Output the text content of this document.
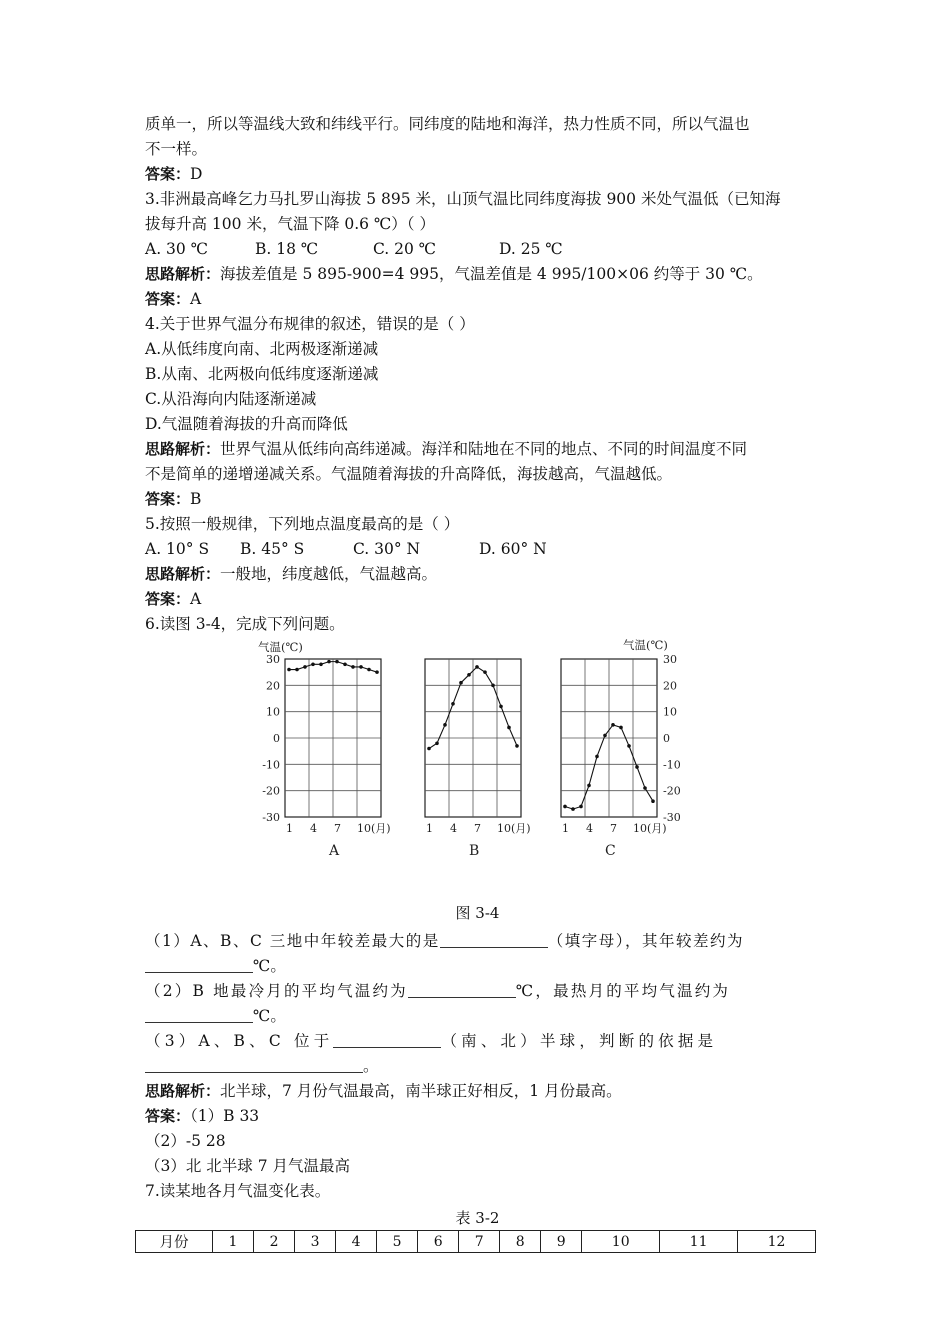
质单一，所以等温线大致和纬线平行。同纬度的陆地和海洋，热力性质不同，所以气温也
不一样。
答案：D
3.非洲最高峰乞力马扎罗山海拔 5 895 米，山顶气温比同纬度海拔 900 米处气温低（已知海
拔每升高 100 米，气温下降 0.6 ℃）（ ）
A. 30 ℃	B. 18 ℃	C. 20 ℃	D. 25 ℃
思路解析：海拔差值是 5 895-900=4 995，气温差值是 4 995/100×06 约等于 30 ℃。
答案：A
4.关于世界气温分布规律的叙述，错误的是（ ）
A.从低纬度向南、北两极逐渐递减
B.从南、北两极向低纬度逐渐递减
C.从沿海向内陆逐渐递减
D.气温随着海拔的升高而降低
思路解析：世界气温从低纬向高纬递减。海洋和陆地在不同的地点、不同的时间温度不同
不是简单的递增递减关系。气温随着海拔的升高降低，海拔越高，气温越低。
答案：B
5.按照一般规律，下列地点温度最高的是（ ）
A. 10° S B. 45° S	C. 30° N	D. 60° N
思路解析：一般地，纬度越低，气温越高。
答案：A
6.读图 3-4，完成下列问题。
1 4 7 10(月)
A
1 4 7 10(月)
B
1 4 7 10(月)
C
30
20
10
0
-10
-20
-30
30
20
10
0
-10
-20
-30
气温(℃)	气温(℃)
图 3-4
（1）A、B、C 三地中年较差最大的是	（填字母），其年较差约为
℃。
（2）B 地最冷月的平均气温约为	℃，最热月的平均气温约为
℃。
（3）A、B、C 位于	（南、北）半球，判断的依据是
。
思路解析：北半球，7 月份气温最高，南半球正好相反，1 月份最高。
答案：（1）B 33
（2）-5 28
（3）北 北半球 7 月气温最高
7.读某地各月气温变化表。
表 3-2
月份	1	2	3	4	5	6	7	8	9	10	11	12
